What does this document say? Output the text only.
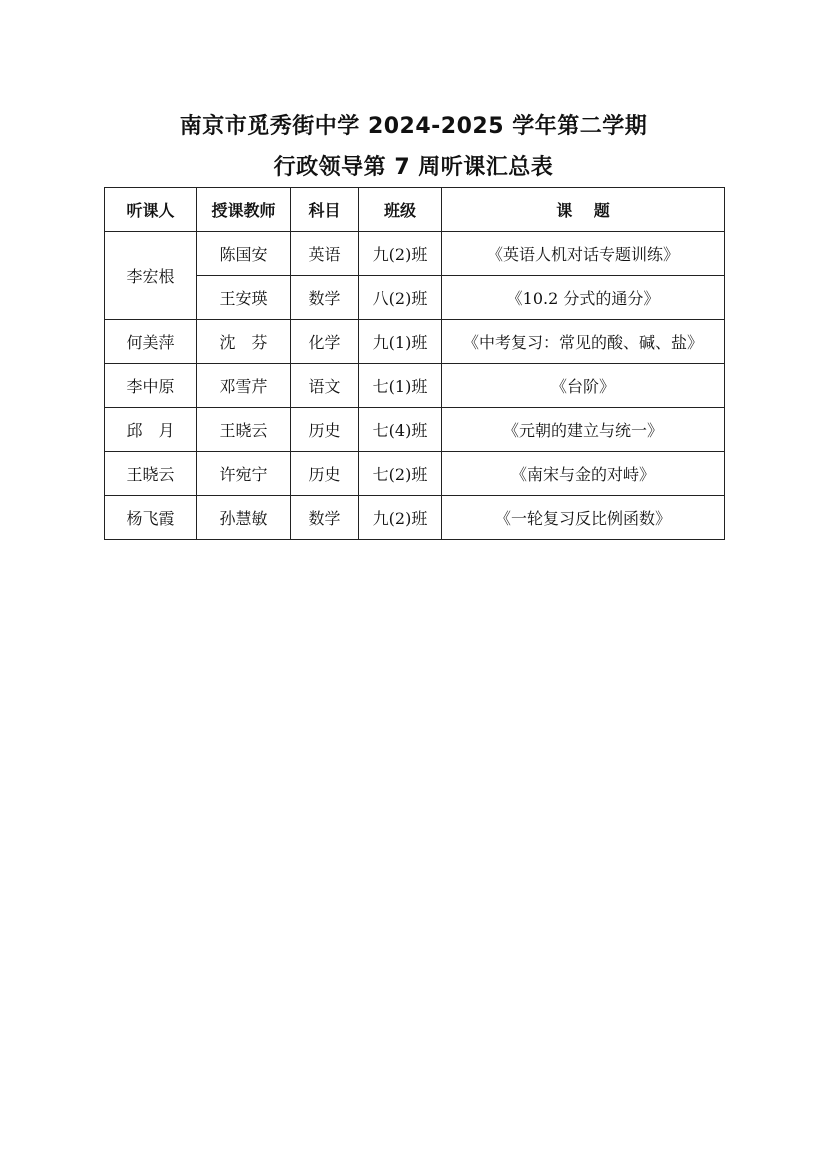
南京市觅秀街中学 2024-2025 学年第二学期
行政领导第 7 周听课汇总表
听课人	授课教师	科目	班级	课　 题
李宏根	陈国安	英语	九(2)班	《英语人机对话专题训练》
	王安瑛	数学	八(2)班	《10.2 分式的通分》
何美萍	沈　芬	化学	九(1)班	《中考复习：常见的酸、碱、盐》
李中原	邓雪芹	语文	七(1)班	《台阶》
邱　月	王晓云	历史	七(4)班	《元朝的建立与统一》
王晓云	许宛宁	历史	七(2)班	《南宋与金的对峙》
杨飞霞	孙慧敏	数学	九(2)班	《一轮复习反比例函数》
